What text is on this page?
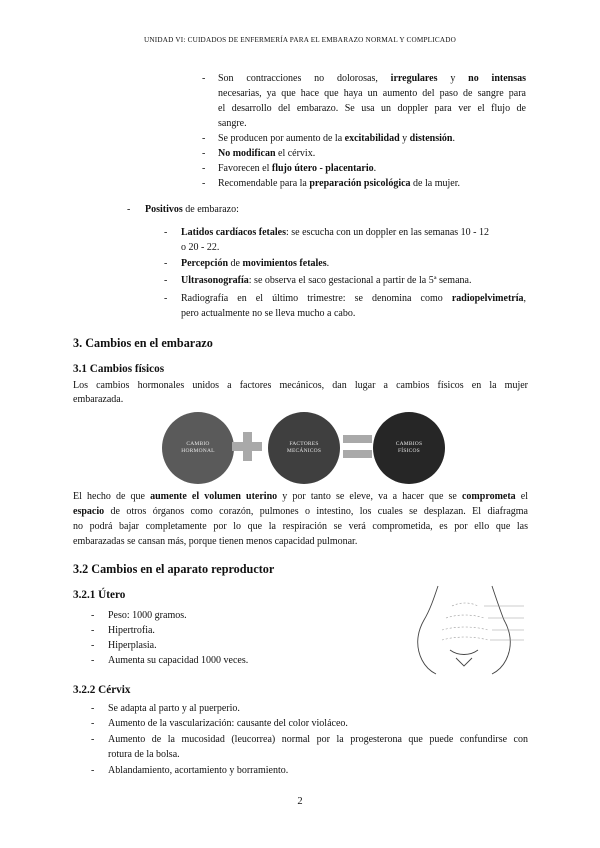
UNIDAD VI: CUIDADOS DE ENFERMERÍA PARA EL EMBARAZO NORMAL Y COMPLICADO
- Son contracciones no dolorosas, irregulares y no intensas
necesarias, ya que hace que haya un aumento del paso de sangre para
el desarrollo del embarazo. Se usa un doppler para ver el flujo de
sangre.
- Se producen por aumento de la excitabilidad y distensión.
- No modifican el cérvix.
- Favorecen el flujo útero - placentario.
- Recomendable para la preparación psicológica de la mujer.
- Positivos de embarazo:
- Latidos cardíacos fetales: se escucha con un doppler en las semanas 10 - 12
o 20 - 22.
- Percepción de movimientos fetales.
- Ultrasonografía: se observa el saco gestacional a partir de la 5ª semana.
- Radiografía en el último trimestre: se denomina como radiopelvimetría,
pero actualmente no se lleva mucho a cabo.
3. Cambios en el embarazo
3.1 Cambios físicos
Los cambios hormonales unidos a factores mecánicos, dan lugar a cambios físicos en la mujer
embarazada.
CAMBIO
HORMONAL
FACTORES
MECÁNICOS
CAMBIOS
FÍSICOS
El hecho de que aumente el volumen uterino y por tanto se eleve, va a hacer que se comprometa el
espacio de otros órganos como corazón, pulmones o intestino, los cuales se desplazan. El diafragma
no podrá bajar completamente por lo que la respiración se verá comprometida, es por ello que las
embarazadas se cansan más, porque tienen menos capacidad pulmonar.
3.2 Cambios en el aparato reproductor
3.2.1 Útero
- Peso: 1000 gramos.
- Hipertrofia.
- Hiperplasia.
- Aumenta su capacidad 1000 veces.
3.2.2 Cérvix
- Se adapta al parto y al puerperio.
- Aumento de la vascularización: causante del color violáceo.
- Aumento de la mucosidad (leucorrea) normal por la progesterona que puede confundirse con
rotura de la bolsa.
- Ablandamiento, acortamiento y borramiento.
2
